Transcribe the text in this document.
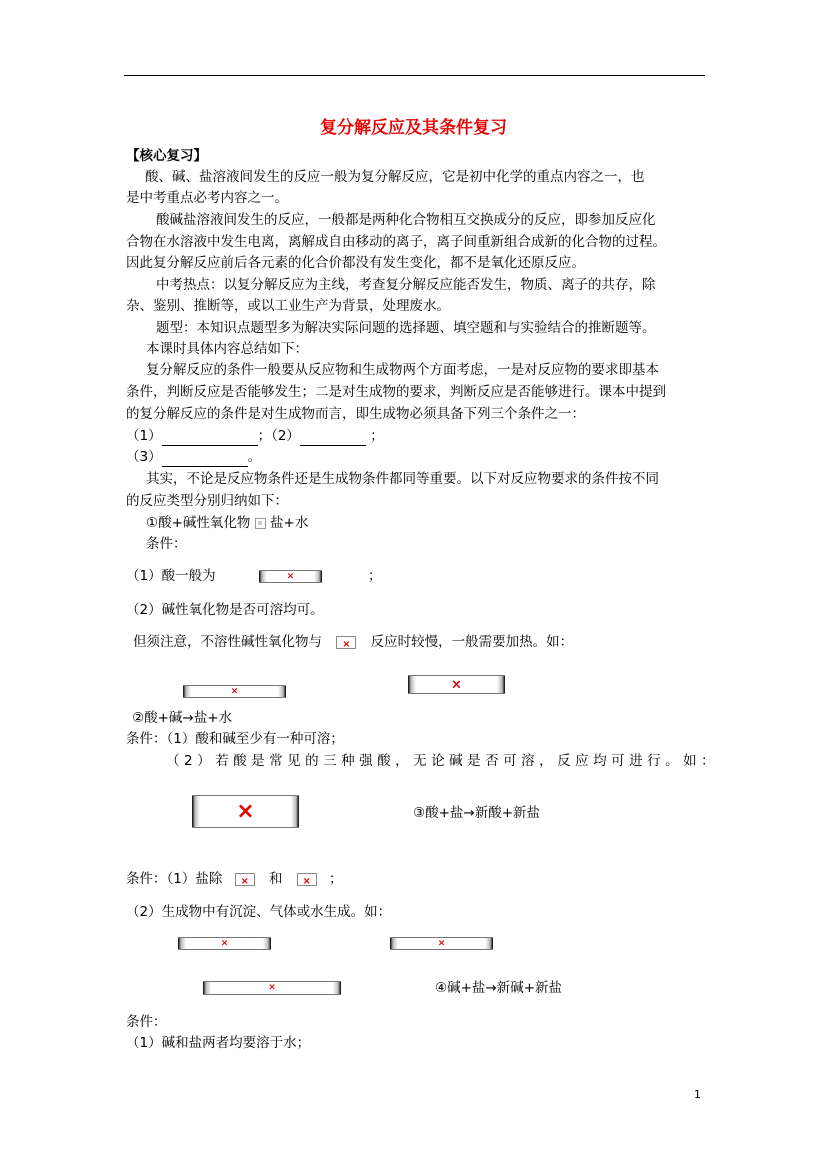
复分解反应及其条件复习
【核心复习】
酸、碱、盐溶液间发生的反应一般为复分解反应，它是初中化学的重点内容之一，也
是中考重点必考内容之一。
酸碱盐溶液间发生的反应，一般都是两种化合物相互交换成分的反应，即参加反应化
合物在水溶液中发生电离，离解成自由移动的离子，离子间重新组合成新的化合物的过程。
因此复分解反应前后各元素的化合价都没有发生变化，都不是氧化还原反应。
中考热点：以复分解反应为主线，考查复分解反应能否发生，物质、离子的共存，除
杂、鉴别、推断等，或以工业生产为背景，处理废水。
题型：本知识点题型多为解决实际问题的选择题、填空题和与实验结合的推断题等。
本课时具体内容总结如下：
复分解反应的条件一般要从反应物和生成物两个方面考虑，一是对反应物的要求即基本
条件，判断反应是否能够发生；二是对生成物的要求，判断反应是否能够进行。课本中提到
的复分解反应的条件是对生成物而言，即生成物必须具备下列三个条件之一：
（1）	；（2）	；
（3）	。
其实，不论是反应物条件还是生成物条件都同等重要。以下对反应物要求的条件按不同
的反应类型分别归纳如下：
①酸+碱性氧化物 盐+水
条件：
（1）酸一般为	×	；
（2）碱性氧化物是否可溶均可。
但须注意，不溶性碱性氧化物与	×	反应时较慢，一般需要加热。如：
×	×
②酸+碱→盐+水
条件：（1）酸和碱至少有一种可溶；
（2）若酸是常见的三种强酸，无论碱是否可溶，反应均可进行。如：
×	③酸+盐→新酸+新盐
条件：（1）盐除	×	和	×	；
（2）生成物中有沉淀、气体或水生成。如：
×	×
×	④碱+盐→新碱+新盐
条件：
（1）碱和盐两者均要溶于水；
1
